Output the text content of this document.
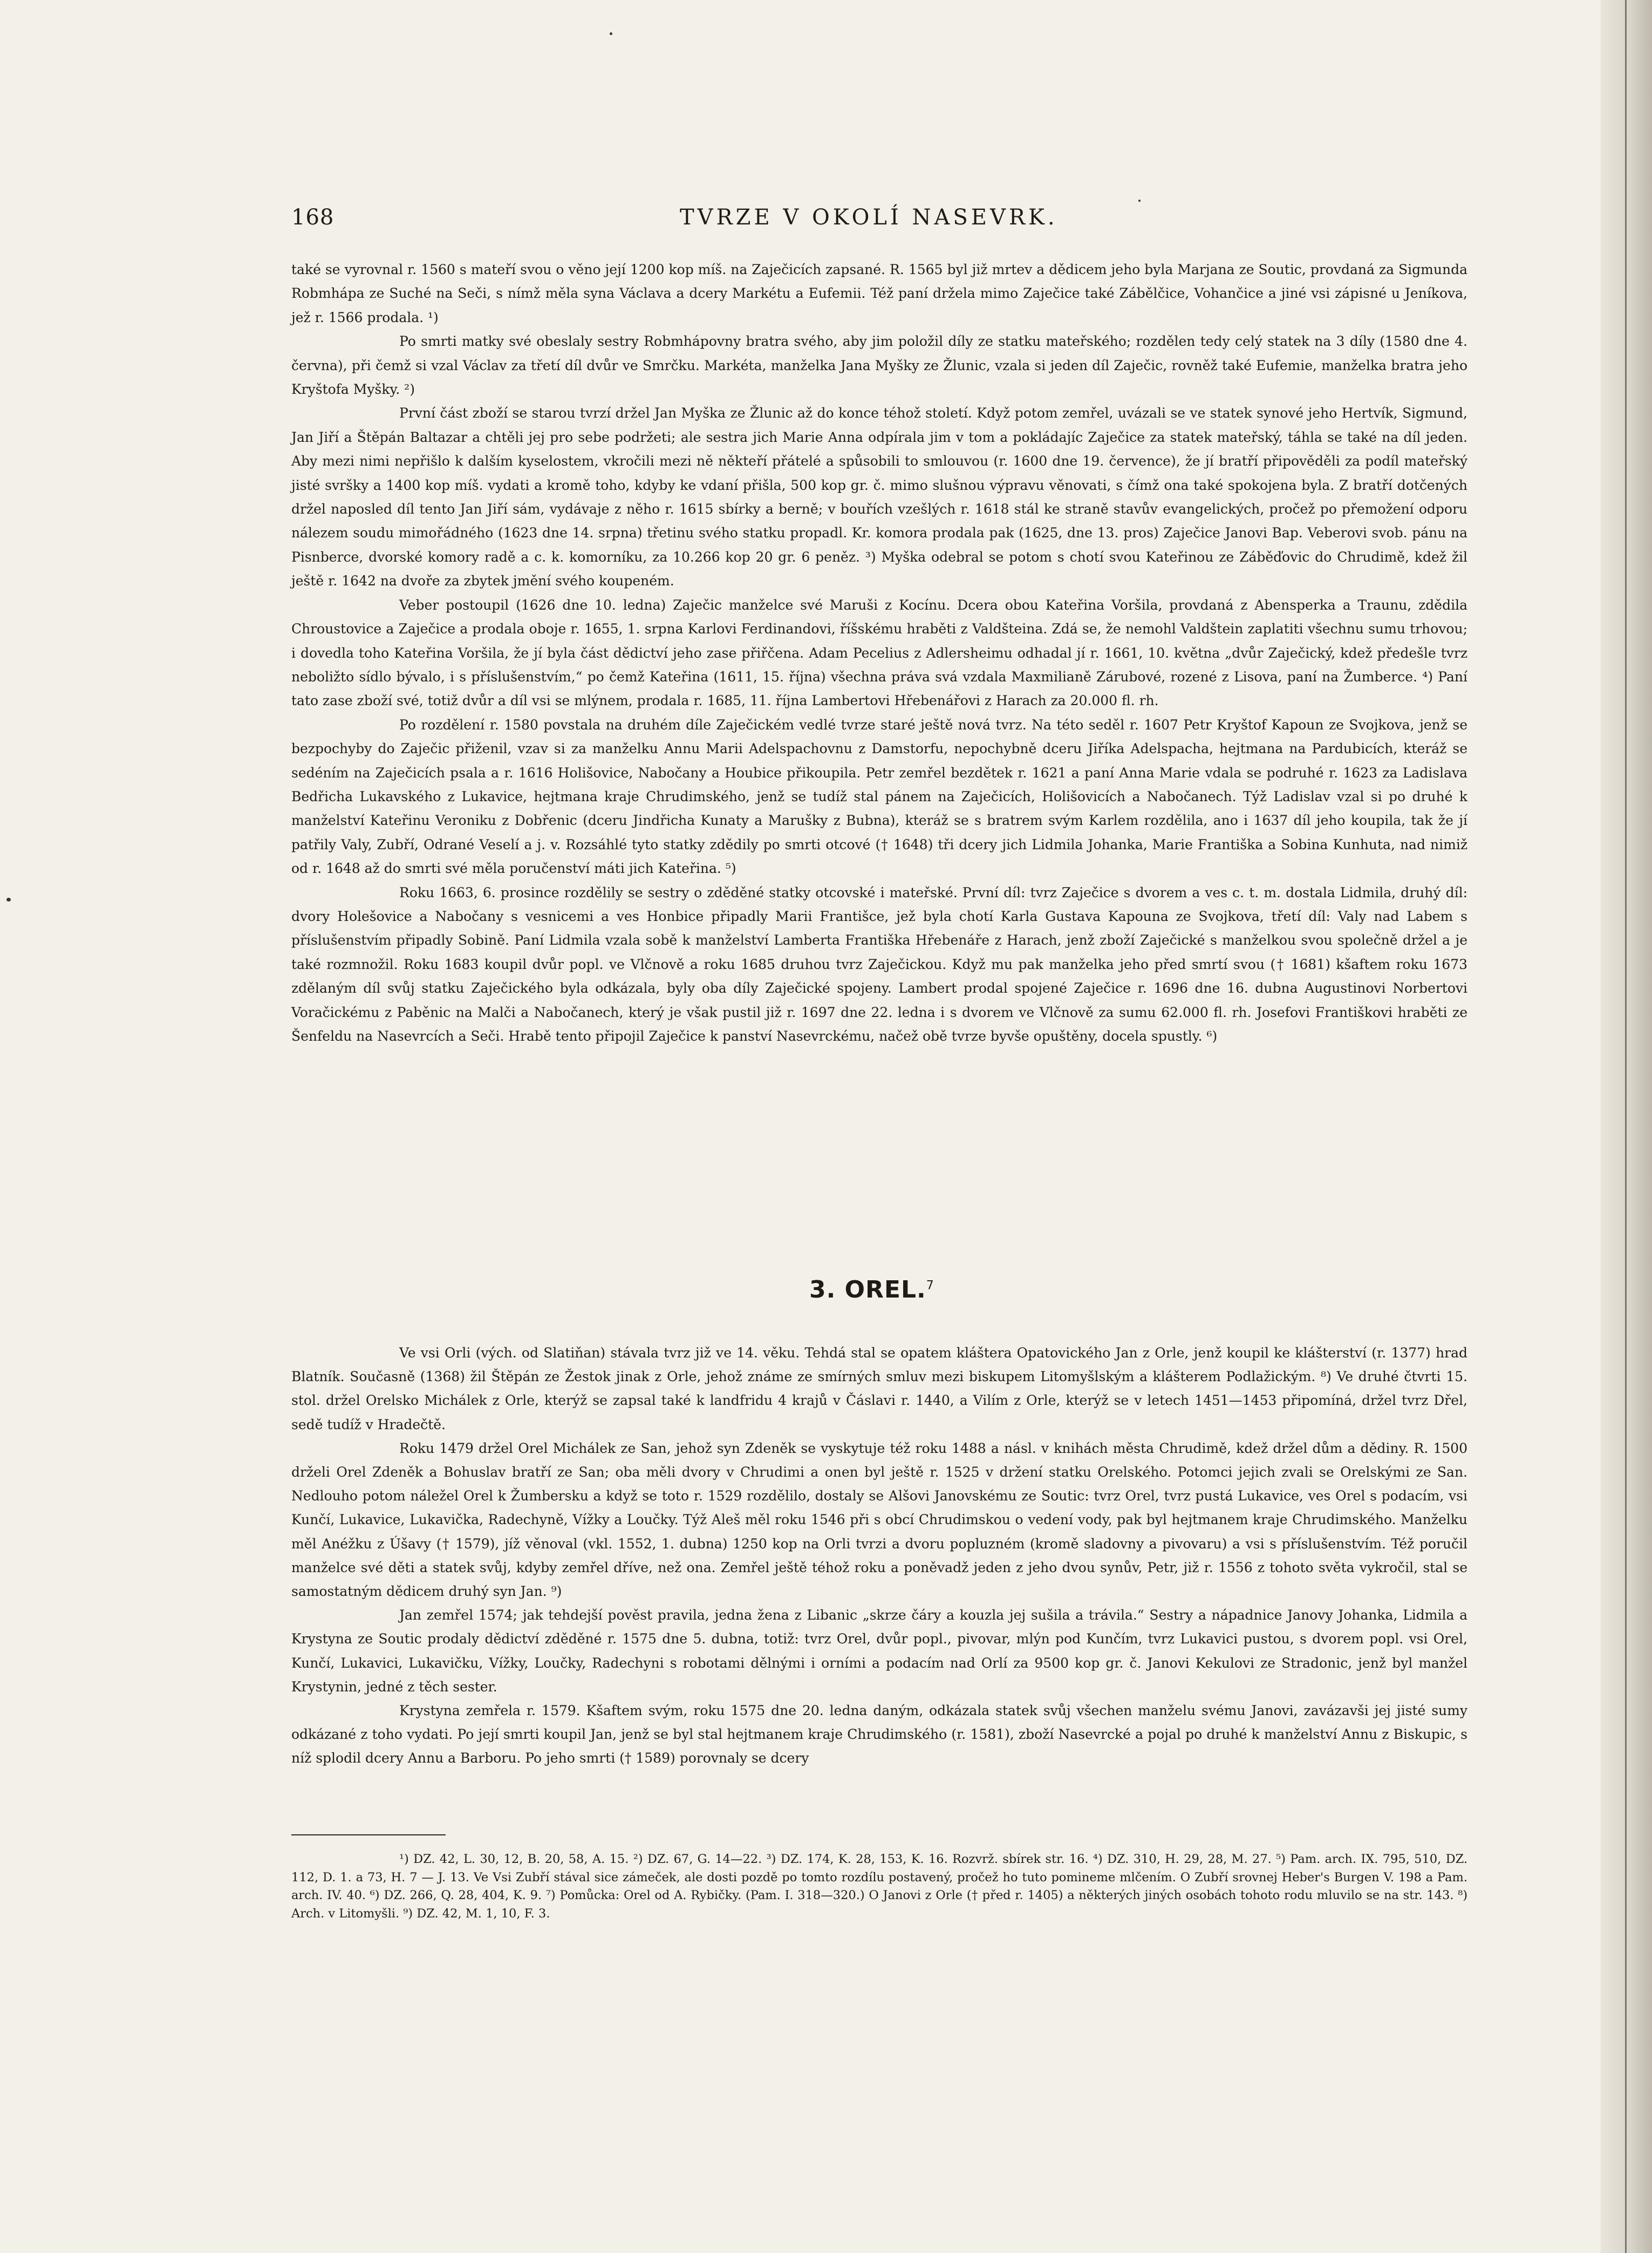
168	TVRZE V OKOLÍ NASEVRK.

také se vyrovnal r. 1560 s mateří svou o věno její 1200 kop míš. na Zaječicích zapsané. R. 1565 byl již mrtev a dědicem jeho byla Marjana ze Soutic, provdaná za Sigmunda Robmhápa ze Suché na Seči, s nímž měla syna Václava a dcery Markétu a Eufemii. Též paní držela mimo Zaječice také Zábělčice, Vohančice a jiné vsi zápisné u Jeníkova, jež r. 1566 prodala. ¹)

Po smrti matky své obeslaly sestry Robmhápovny bratra svého, aby jim položil díly ze statku mateřského; rozdělen tedy celý statek na 3 díly (1580 dne 4. června), při čemž si vzal Václav za třetí díl dvůr ve Smrčku. Markéta, manželka Jana Myšky ze Žlunic, vzala si jeden díl Zaječic, rovněž také Eufemie, manželka bratra jeho Kryštofa Myšky. ²)

První část zboží se starou tvrzí držel Jan Myška ze Žlunic až do konce téhož století. Když potom zemřel, uvázali se ve statek synové jeho Hertvík, Sigmund, Jan Jiří a Štěpán Baltazar a chtěli jej pro sebe podržeti; ale sestra jich Marie Anna odpírala jim v tom a pokládajíc Zaječice za statek mateřský, táhla se také na díl jeden. Aby mezi nimi nepřišlo k dalším kyselostem, vkročili mezi ně někteří přátelé a spůsobili to smlouvou (r. 1600 dne 19. července), že jí bratří připověděli za podíl mateřský jisté svršky a 1400 kop míš. vydati a kromě toho, kdyby ke vdaní přišla, 500 kop gr. č. mimo slušnou výpravu věnovati, s čímž ona také spokojena byla. Z bratří dotčených držel naposled díl tento Jan Jiří sám, vydávaje z něho r. 1615 sbírky a berně; v bouřích vzešlých r. 1618 stál ke straně stavův evangelických, pročež po přemožení odporu nálezem soudu mimořádného (1623 dne 14. srpna) třetinu svého statku propadl. Kr. komora prodala pak (1625, dne 13. pros) Zaječice Janovi Bap. Veberovi svob. pánu na Pisnberce, dvorské komory radě a c. k. komorníku, za 10.266 kop 20 gr. 6 peněz. ³) Myška odebral se potom s chotí svou Kateřinou ze Záběďovic do Chrudimě, kdež žil ještě r. 1642 na dvoře za zbytek jmění svého koupeném.

Veber postoupil (1626 dne 10. ledna) Zaječic manželce své Maruši z Kocínu. Dcera obou Kateřina Voršila, provdaná z Abensperka a Traunu, zdědila Chroustovice a Zaječice a prodala oboje r. 1655, 1. srpna Karlovi Ferdinandovi, říšskému hraběti z Valdšteina. Zdá se, že nemohl Valdštein zaplatiti všechnu sumu trhovou; i dovedla toho Kateřina Voršila, že jí byla část dědictví jeho zase přiřčena. Adam Pecelius z Adlersheimu odhadal jí r. 1661, 10. května „dvůr Zaječický, kdež předešle tvrz neboližto sídlo bývalo, i s příslušenstvím,“ po čemž Kateřina (1611, 15. října) všechna práva svá vzdala Maxmilianě Zárubové, rozené z Lisova, paní na Žumberce. ⁴) Paní tato zase zboží své, totiž dvůr a díl vsi se mlýnem, prodala r. 1685, 11. října Lambertovi Hřebenářovi z Harach za 20.000 fl. rh.

Po rozdělení r. 1580 povstala na druhém díle Zaječickém vedlé tvrze staré ještě nová tvrz. Na této seděl r. 1607 Petr Kryštof Kapoun ze Svojkova, jenž se bezpochyby do Zaječic přiženil, vzav si za manželku Annu Marii Adelspachovnu z Damstorfu, nepochybně dceru Jiříka Adelspacha, hejtmana na Pardubicích, kteráž se sedéním na Zaječicích psala a r. 1616 Holišovice, Nabočany a Houbice přikoupila. Petr zemřel bezdětek r. 1621 a paní Anna Marie vdala se podruhé r. 1623 za Ladislava Bedřicha Lukavského z Lukavice, hejtmana kraje Chrudimského, jenž se tudíž stal pánem na Zaječicích, Holišovicích a Nabočanech. Týž Ladislav vzal si po druhé k manželství Kateřinu Veroniku z Dobřenic (dceru Jindřicha Kunaty a Marušky z Bubna), kteráž se s bratrem svým Karlem rozdělila, ano i 1637 díl jeho koupila, tak že jí patřily Valy, Zubří, Odrané Veselí a j. v. Rozsáhlé tyto statky zdědily po smrti otcové († 1648) tři dcery jich Lidmila Johanka, Marie Františka a Sobina Kunhuta, nad nimiž od r. 1648 až do smrti své měla poručenství máti jich Kateřina. ⁵)

Roku 1663, 6. prosince rozdělily se sestry o zděděné statky otcovské i mateřské. První díl: tvrz Zaječice s dvorem a ves c. t. m. dostala Lidmila, druhý díl: dvory Holešovice a Nabočany s vesnicemi a ves Honbice připadly Marii Františce, jež byla chotí Karla Gustava Kapouna ze Svojkova, třetí díl: Valy nad Labem s příslušenstvím připadly Sobině. Paní Lidmila vzala sobě k manželství Lamberta Františka Hřebenáře z Harach, jenž zboží Zaječické s manželkou svou společně držel a je také rozmnožil. Roku 1683 koupil dvůr popl. ve Vlčnově a roku 1685 druhou tvrz Zaječickou. Když mu pak manželka jeho před smrtí svou († 1681) kšaftem roku 1673 zdělaným díl svůj statku Zaječického byla odkázala, byly oba díly Zaječické spojeny. Lambert prodal spojené Zaječice r. 1696 dne 16. dubna Augustinovi Norbertovi Voračickému z Paběnic na Malči a Nabočanech, který je však pustil již r. 1697 dne 22. ledna i s dvorem ve Vlčnově za sumu 62.000 fl. rh. Josefovi Františkovi hraběti ze Šenfeldu na Nasevrcích a Seči. Hrabě tento připojil Zaječice k panství Nasevrckému, načež obě tvrze byvše opuštěny, docela spustly. ⁶)

3. OREL.$^7$

Ve vsi Orli (vých. od Slatiňan) stávala tvrz již ve 14. věku. Tehdá stal se opatem kláštera Opatovického Jan z Orle, jenž koupil ke klášterství (r. 1377) hrad Blatník. Současně (1368) žil Štěpán ze Žestok jinak z Orle, jehož známe ze smírných smluv mezi biskupem Litomyšlským a klášterem Podlažickým. ⁸) Ve druhé čtvrti 15. stol. držel Orelsko Michálek z Orle, kterýž se zapsal také k landfridu 4 krajů v Čáslavi r. 1440, a Vilím z Orle, kterýž se v letech 1451—1453 připomíná, držel tvrz Dřel, sedě tudíž v Hradečtě.

Roku 1479 držel Orel Michálek ze San, jehož syn Zdeněk se vyskytuje též roku 1488 a násl. v knihách města Chrudimě, kdež držel dům a dědiny. R. 1500 drželi Orel Zdeněk a Bohuslav bratří ze San; oba měli dvory v Chrudimi a onen byl ještě r. 1525 v držení statku Orelského. Potomci jejich zvali se Orelskými ze San. Nedlouho potom náležel Orel k Žumbersku a když se toto r. 1529 rozdělilo, dostaly se Alšovi Janovskému ze Soutic: tvrz Orel, tvrz pustá Lukavice, ves Orel s podacím, vsi Kunčí, Lukavice, Lukavička, Radechyně, Vížky a Loučky. Týž Aleš měl roku 1546 při s obcí Chrudimskou o vedení vody, pak byl hejtmanem kraje Chrudimského. Manželku měl Anéžku z Úšavy († 1579), jíž věnoval (vkl. 1552, 1. dubna) 1250 kop na Orli tvrzi a dvoru popluzném (kromě sladovny a pivovaru) a vsi s příslušenstvím. Též poručil manželce své děti a statek svůj, kdyby zemřel dříve, než ona. Zemřel ještě téhož roku a poněvadž jeden z jeho dvou synův, Petr, již r. 1556 z tohoto světa vykročil, stal se samostatným dědicem druhý syn Jan. ⁹)

Jan zemřel 1574; jak tehdejší pověst pravila, jedna žena z Libanic „skrze čáry a kouzla jej sušila a trávila.“ Sestry a nápadnice Janovy Johanka, Lidmila a Krystyna ze Soutic prodaly dědictví zděděné r. 1575 dne 5. dubna, totiž: tvrz Orel, dvůr popl., pivovar, mlýn pod Kunčím, tvrz Lukavici pustou, s dvorem popl. vsi Orel, Kunčí, Lukavici, Lukavičku, Vížky, Loučky, Radechyni s robotami dělnými i orními a podacím nad Orlí za 9500 kop gr. č. Janovi Kekulovi ze Stradonic, jenž byl manžel Krystynin, jedné z těch sester.

Krystyna zemřela r. 1579. Kšaftem svým, roku 1575 dne 20. ledna daným, odkázala statek svůj všechen manželu svému Janovi, zavázavši jej jisté sumy odkázané z toho vydati. Po její smrti koupil Jan, jenž se byl stal hejtmanem kraje Chrudimského (r. 1581), zboží Nasevrcké a pojal po druhé k manželství Annu z Biskupic, s níž splodil dcery Annu a Barboru. Po jeho smrti († 1589) porovnaly se dcery

¹) DZ. 42, L. 30, 12, B. 20, 58, A. 15. ²) DZ. 67, G. 14—22. ³) DZ. 174, K. 28, 153, K. 16. Rozvrž. sbírek str. 16. ⁴) DZ. 310, H. 29, 28, M. 27. ⁵) Pam. arch. IX. 795, 510, DZ. 112, D. 1. a 73, H. 7 — J. 13. Ve Vsi Zubří stával sice zámeček, ale dosti pozdě po tomto rozdílu postavený, pročež ho tuto pomineme mlčením. O Zubří srovnej Heber's Burgen V. 198 a Pam. arch. IV. 40. ⁶) DZ. 266, Q. 28, 404, K. 9. ⁷) Pomůcka: Orel od A. Rybičky. (Pam. I. 318—320.) O Janovi z Orle († před r. 1405) a některých jiných osobách tohoto rodu mluvilo se na str. 143. ⁸) Arch. v Litomyšli. ⁹) DZ. 42, M. 1, 10, F. 3.
